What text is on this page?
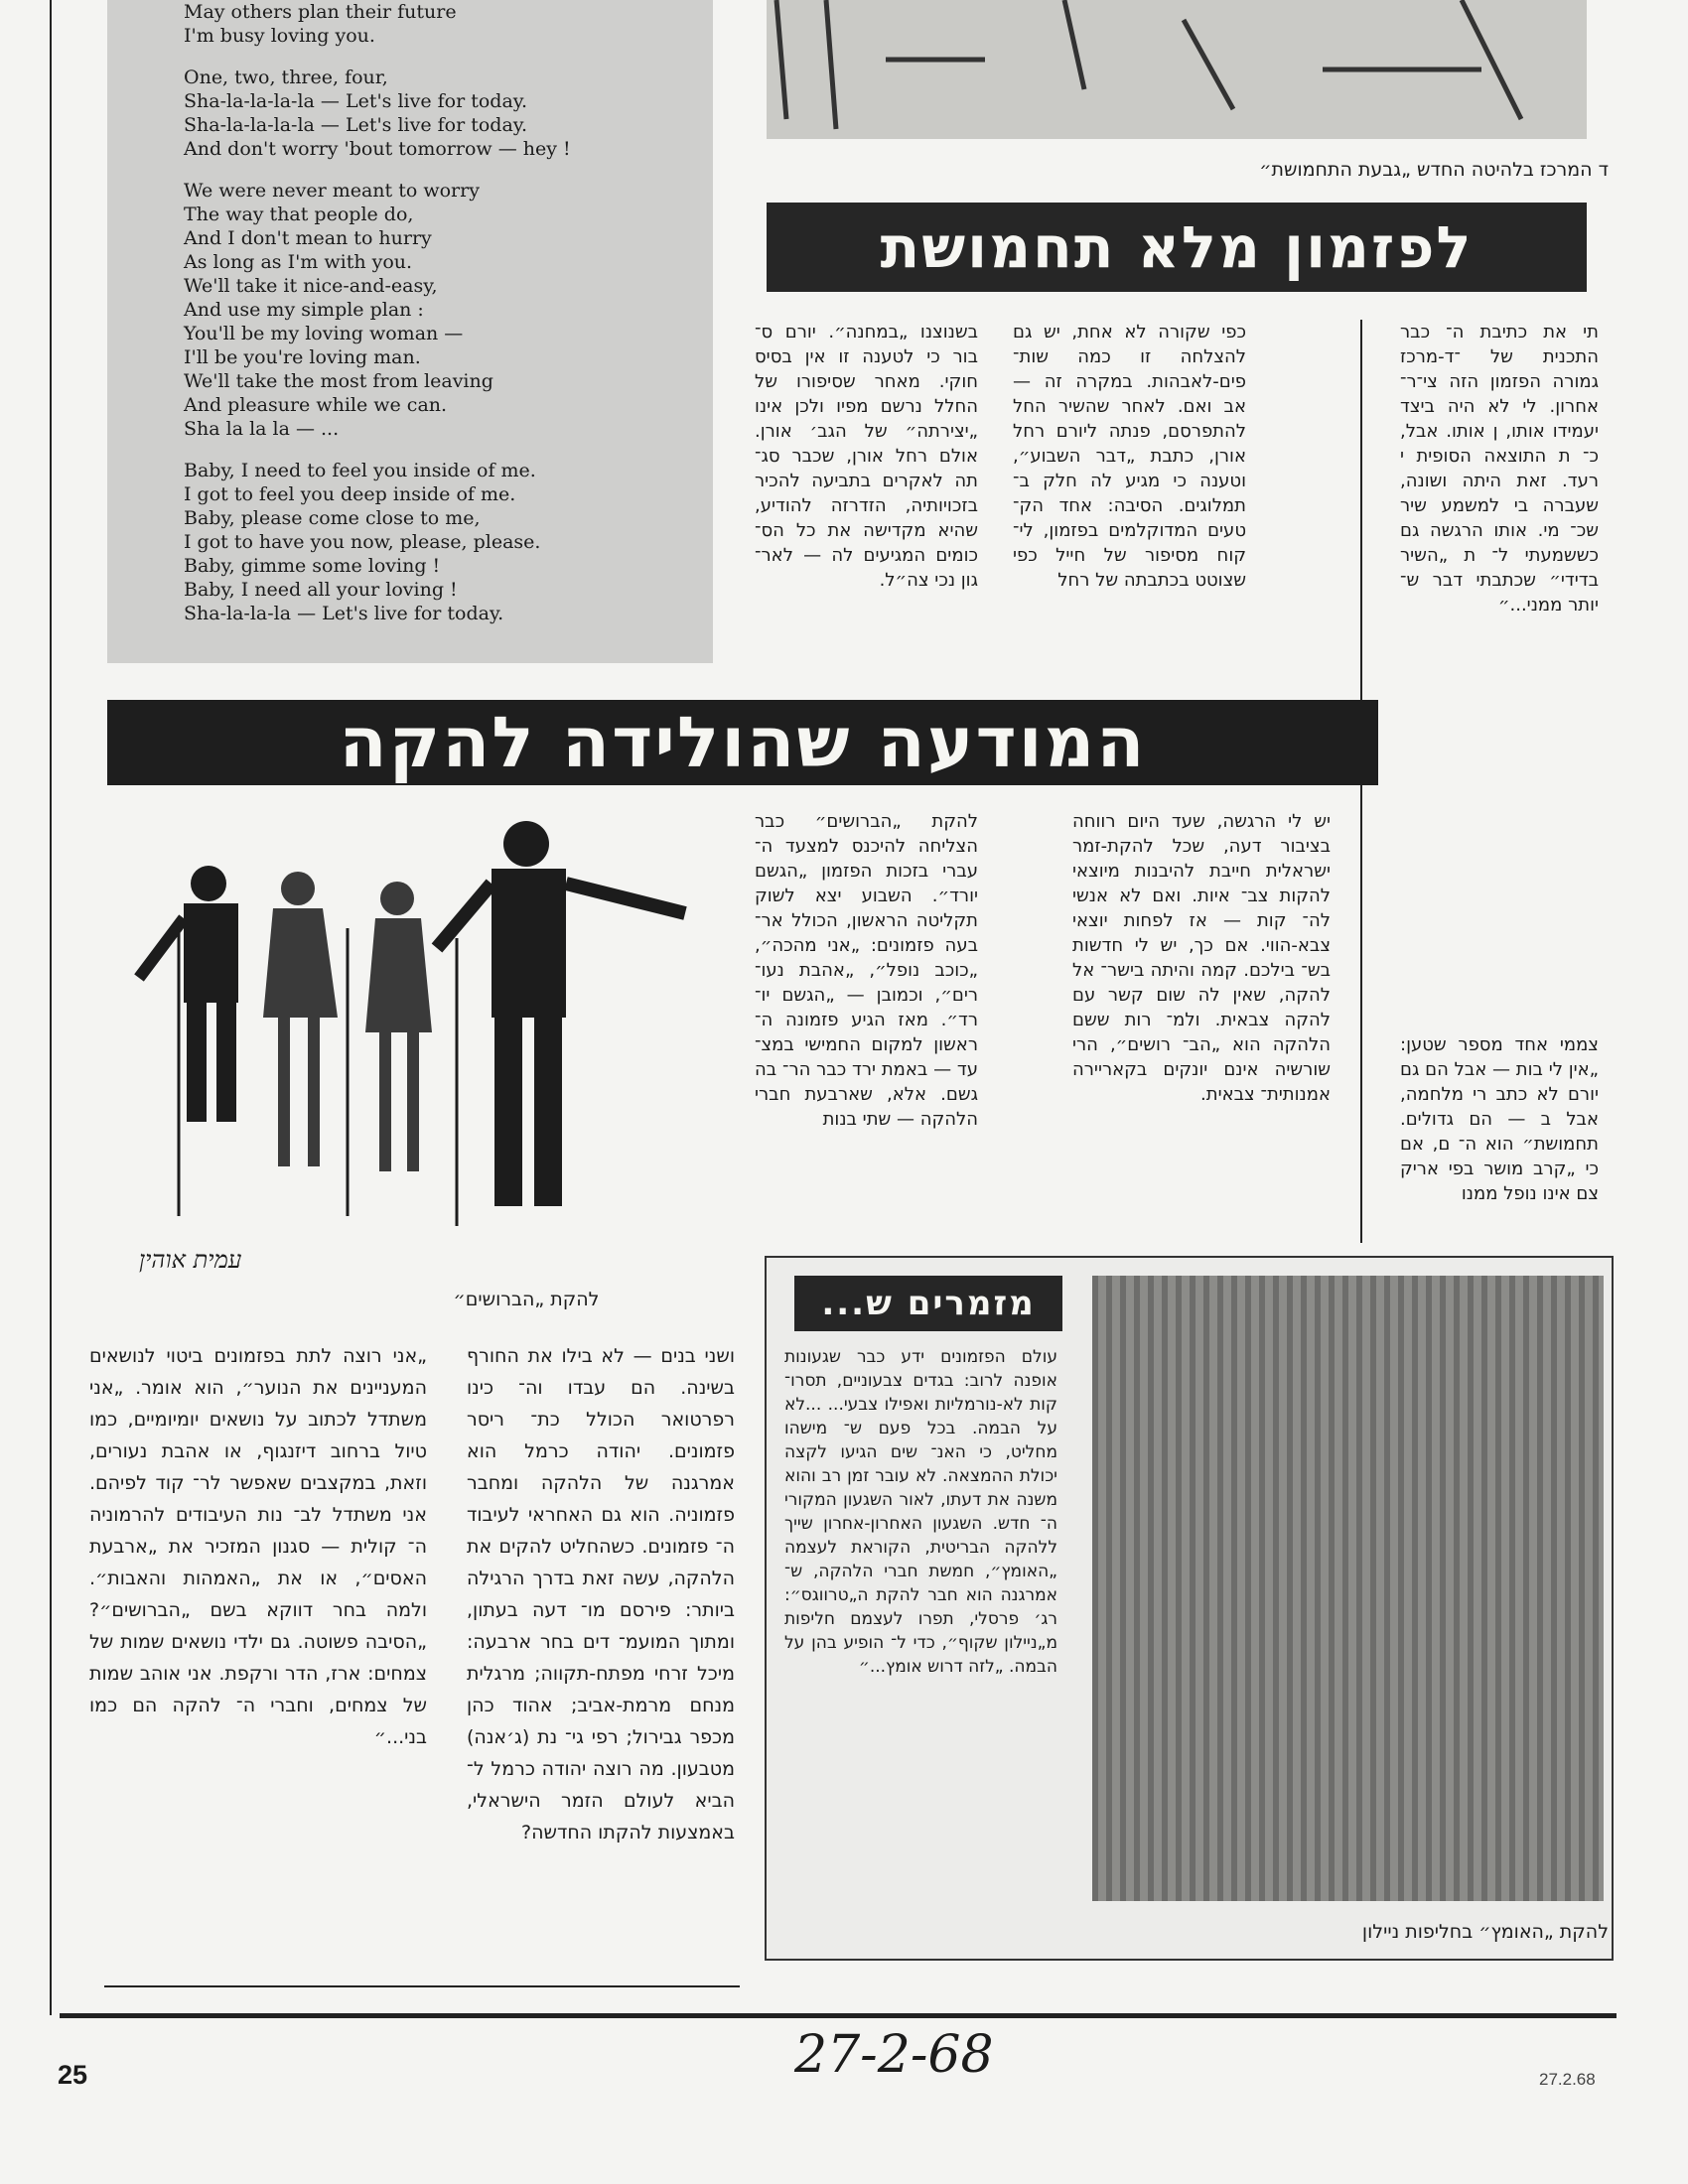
May others plan their future
I'm busy loving you.
One, two, three, four,
Sha-la-la-la-la — Let's live for today.
Sha-la-la-la-la — Let's live for today.
And don't worry 'bout tomorrow — hey !
We were never meant to worry
The way that people do,
And I don't mean to hurry
As long as I'm with you.
We'll take it nice-and-easy,
And use my simple plan :
You'll be my loving woman —
I'll be you're loving man.
We'll take the most from leaving
And pleasure while we can.
Sha la la la — ...
Baby, I need to feel you inside of me.
I got to feel you deep inside of me.
Baby, please come close to me,
I got to have you now, please, please.
Baby, gimme some loving !
Baby, I need all your loving !
Sha-la-la-la — Let's live for today.
ד המרכז בלהיטה החדש „גבעת התחמושת״
לפזמון מלא תחמושת
בשנוצנו „במחנה״. יורם ס־ בור כי לטענה זו אין בסיס חוקי. מאחר שסיפורו של החלל נרשם מפיו ולכן אינו „יצירתה״ של הגב׳ אורן. אולם רחל אורן, שכבר סג־ תה לאקרים בתביעה להכיר בזכויותיה, הזדרזה להודיע, שהיא מקדישה את כל הס־ כומים המגיעים לה — לאר־ גון נכי צה״ל.
כפי שקורה לא אחת, יש גם להצלחה זו כמה שות־ פים-לאבהות. במקרה זה — אב ואם. לאחר שהשיר החל להתפרסם, פנתה ליורם רחל אורן, כתבת „דבר השבוע״, וטענה כי מגיע לה חלק ב־ תמלוגים. הסיבה: אחד הק־ טעים המדוקלמים בפזמון, לי־ קוח מסיפור של חייל כפי שצוטט בכתבתה של רחל
תי את כתיבת ה־ כבר התכנית של ־ד-מרכז גמורה הפזמון הזה צי־ר־ אחרון. לי לא היה ביצד יעמידו אותו, ן אותו. אבל, כ־ ת התוצאה הסופית י רעד. זאת היתה ושונה, שעברה בי למשמע שיר שכ־ מי. אותו הרגשה גם כששמעתי ל־ ת „השיר בדידי״ שכתבתי דבר ש־ יותר ממני...״
המודעה שהולידה להקה
עמית אוהין
להקת „הברושים״
להקת „הברושים״ כבר הצליחה להיכנס למצעד ה־ עברי בזכות הפזמון „הגשם יורד״. השבוע יצא לשוק תקליטה הראשון, הכולל אר־ בעה פזמונים: „אני מהכה״, „כוכב נופל״, „אהבת נעו־ רים״, וכמובן — „הגשם יו־ רד״. מאז הגיע פזמונה ה־ ראשון למקום החמישי במצ־ עד — באמת ירד כבר הר־ בה גשם. אלא, שארבעת חברי הלהקה — שתי בנות
יש לי הרגשה, שעד היום רווחה בציבור דעה, שכל להקת-זמר ישראלית חייבת להיבנות מיוצאי להקות צב־ איות. ואם לא אנשי לה־ קות — אז לפחות יוצאי צבא-הווי. אם כך, יש לי חדשות בש־ בילכם. קמה והיתה בישר־ אל להקה, שאין לה שום קשר עם להקה צבאית. ולמ־ רות ששם הלהקה הוא „הב־ רושים״, הרי שורשיה אינם יונקים בקאריירה אמנותית־ צבאית.
צממי אחד מספר שטען: „אין לי בות — אבל הם גם יורם לא כתב רי מלחמה, אבל ב — הם גדולים. תחמושת״ הוא ה־ ם, אם כי „קרב מושר בפי אריק צם אינו נופל ממנו
„אני רוצה לתת בפזמונים ביטוי לנושאים המעניינים את הנוער״, הוא אומר. „אני משתדל לכתוב על נושאים יומיומיים, כמו טיול ברחוב דיזנגוף, או אהבת נעורים, וזאת, במקצבים שאפשר לר־ קוד לפיהם. אני משתדל לב־ נות העיבודים להרמוניה ה־ קולית — סגנון המזכיר את „ארבעת האסים״, או את „האמהות והאבות״. ולמה בחר דווקא בשם „הברושים״? „הסיבה פשוטה. גם ילדי נושאים שמות של צמחים: ארז, הדר ורקפת. אני אוהב שמות של צמחים, וחברי ה־ להקה הם כמו בני...״
ושני בנים — לא בילו את החורף בשינה. הם עבדו וה־ כינו רפרטואר הכולל כת־ ריסר פזמונים. יהודה כרמל הוא אמרגנה של הלהקה ומחבר פזמוניה. הוא גם האחראי לעיבוד ה־ פזמונים. כשהחליט להקים את הלהקה, עשה זאת בדרך הרגילה ביותר: פירסם מו־ דעה בעתון, ומתוך המועמ־ דים בחר ארבעה: מיכל זרחי מפתח-תקווה; מרגלית מנחם מרמת-אביב; אהוד כהן מכפר גבירול; רפי גי־ נת (ג׳אנה) מטבעון. מה רוצה יהודה כרמל ל־ הביא לעולם הזמר הישראלי, באמצעות להקתו החדשה?
מזמרים ש...
עולם הפזמונים ידע כבר שגעונות אופנה לרוב: בגדים צבעוניים, תסרו־ קות לא-נורמליות ואפילו צבעי... ...לא על הבמה. בכל פעם ש־ מישהו מחליט, כי האנ־ שים הגיעו לקצה יכולת ההמצאה. לא עובר זמן רב והוא משנה את דעתו, לאור השגעון המקורי ה־ חדש. השגעון האחרון-אחרון שייך ללהקה הבריטית, הקוראת לעצמה „האומץ״, חמשת חברי הלהקה, ש־ אמרגנה הוא חבר להקת ה„טרווגס״: רג׳ פרסלי, תפרו לעצמם חליפות מ„ניילון שקוף״, כדי ל־ הופיע בהן על הבמה. „לזה דרוש אומץ...״
להקת „האומץ״ בחליפות ניילון
25	27-2-68	27.2.68
